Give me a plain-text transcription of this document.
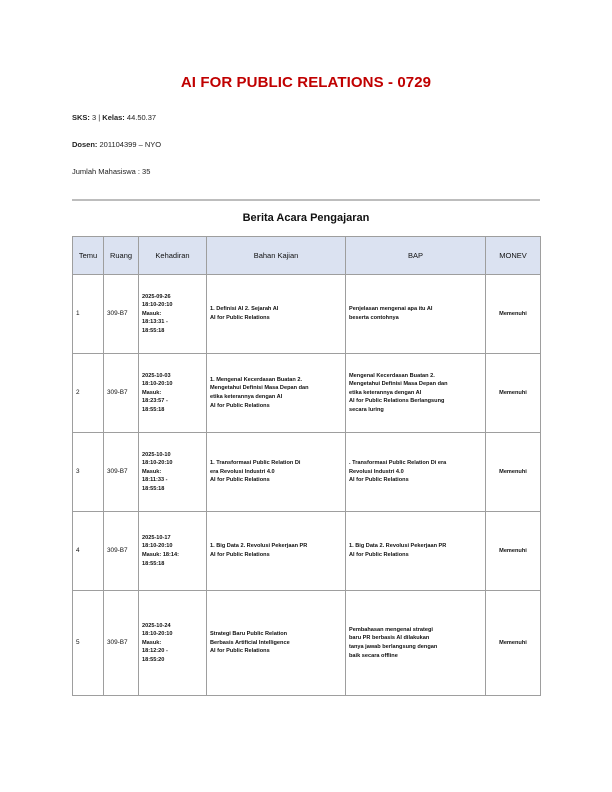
AI FOR PUBLIC RELATIONS - 0729
SKS: 3 | Kelas: 44.50.37
Dosen: 201104399 – NYO
Jumlah Mahasiswa : 35
Berita Acara Pengajaran
Temu	Ruang	Kehadiran	Bahan Kajian	BAP	MONEV
1	309-B7	2025-09-26
18:10-20:10
Masuk:
18:13:31 -
18:55:18	1. Definisi AI 2. Sejarah AI
AI for Public Relations	Penjelasan mengenai apa itu AI
beserta contohnya	Memenuhi
2	309-B7	2025-10-03
18:10-20:10
Masuk:
18:23:57 -
18:55:18	1. Mengenal Kecerdasan Buatan 2.
Mengetahui Definisi Masa Depan dan
etika keterannya dengan AI
AI for Public Relations	Mengenal Kecerdasan Buatan 2.
Mengetahui Definisi Masa Depan dan
etika keterannya dengan AI
AI for Public Relations Berlangsung
secara luring	Memenuhi
3	309-B7	2025-10-10
18:10-20:10
Masuk:
18:11:33 -
18:55:18	1. Transformasi Public Relation Di
era Revolusi Industri 4.0
AI for Public Relations	. Transformasi Public Relation Di era
Revolusi Industri 4.0
AI for Public Relations	Memenuhi
4	309-B7	2025-10-17
18:10-20:10
Masuk: 18:14:
18:55:18	1. Big Data 2. Revolusi Pekerjaan PR
AI for Public Relations	1. Big Data 2. Revolusi Pekerjaan PR
AI for Public Relations	Memenuhi
5	309-B7	2025-10-24
18:10-20:10
Masuk:
18:12:20 -
18:55:20	Strategi Baru Public Relation
Berbasis Artificial Intelligence
AI for Public Relations	Pembahasan mengenai strategi
baru PR berbasis AI dilakukan
tanya jawab berlangsung dengan
baik secara offline	Memenuhi
